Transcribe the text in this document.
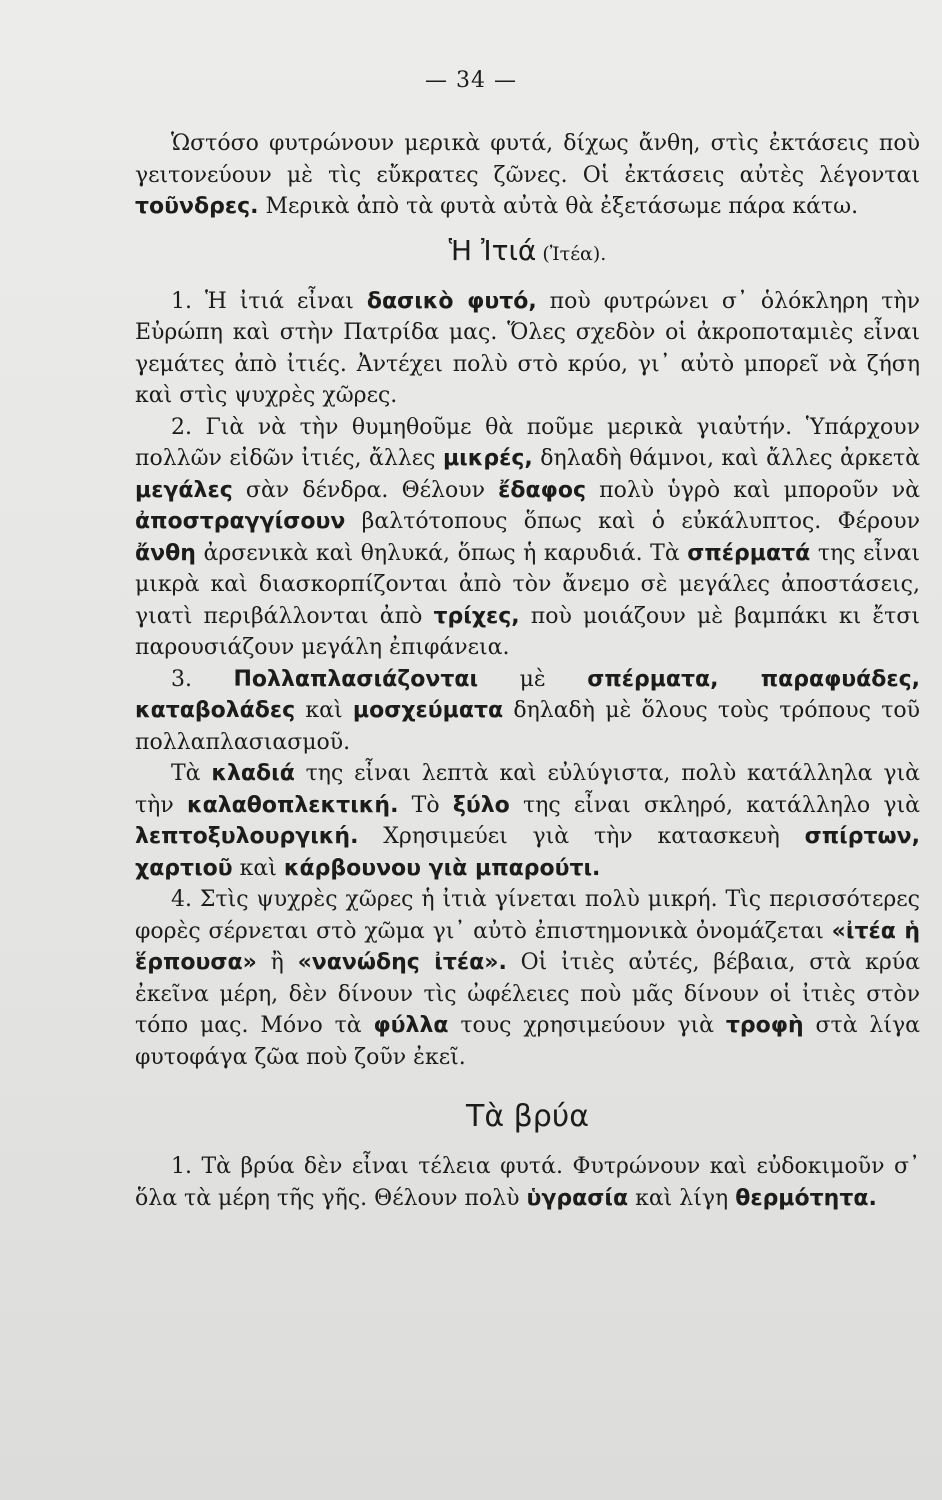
— 34 —

Ὡστόσο φυτρώνουν μερικὰ φυτά, δίχως ἄνθη, στὶς ἐκτάσεις ποὺ γειτονεύουν μὲ τὶς εὔκρατες ζῶνες. Οἱ ἐκτάσεις αὐτὲς λέγονται τοῦνδρες. Μερικὰ ἀπὸ τὰ φυτὰ αὐτὰ θὰ ἐξετάσωμε πάρα κάτω.

Ἡ Ἰτιά (Ἰτέα).

1. Ἡ ἰτιά εἶναι δασικὸ φυτό, ποὺ φυτρώνει σ᾽ ὁλόκληρη τὴν Εὐρώπη καὶ στὴν Πατρίδα μας. Ὅλες σχεδὸν οἱ ἀκροποταμιὲς εἶναι γεμάτες ἀπὸ ἰτιές. Ἀντέχει πολὺ στὸ κρύο, γι᾽ αὐτὸ μπορεῖ νὰ ζήση καὶ στὶς ψυχρὲς χῶρες.

2. Γιὰ νὰ τὴν θυμηθοῦμε θὰ ποῦμε μερικὰ γιαὐτήν. Ὑπάρχουν πολλῶν εἰδῶν ἰτιές, ἄλλες μικρές, δηλαδὴ θάμνοι, καὶ ἄλλες ἀρκετὰ μεγάλες σὰν δένδρα. Θέλουν ἔδαφος πολὺ ὑγρὸ καὶ μποροῦν νὰ ἀποστραγγίσουν βαλτότοπους ὅπως καὶ ὁ εὐκάλυπτος. Φέρουν ἄνθη ἀρσενικὰ καὶ θηλυκά, ὅπως ἡ καρυδιά. Τὰ σπέρματά της εἶναι μικρὰ καὶ διασκορπίζονται ἀπὸ τὸν ἄνεμο σὲ μεγάλες ἀποστάσεις, γιατὶ περιβάλλονται ἀπὸ τρίχες, ποὺ μοιάζουν μὲ βαμπάκι κι ἔτσι παρουσιάζουν μεγάλη ἐπιφάνεια.

3. Πολλαπλασιάζονται μὲ σπέρματα, παραφυάδες, καταβολάδες καὶ μοσχεύματα δηλαδὴ μὲ ὅλους τοὺς τρόπους τοῦ πολλαπλασιασμοῦ.

Τὰ κλαδιά της εἶναι λεπτὰ καὶ εὐλύγιστα, πολὺ κατάλληλα γιὰ τὴν καλαθοπλεκτική. Τὸ ξύλο της εἶναι σκληρό, κατάλληλο γιὰ λεπτοξυλουργική. Χρησιμεύει γιὰ τὴν κατασκευὴ σπίρτων, χαρτιοῦ καὶ κάρβουνου γιὰ μπαρούτι.

4. Στὶς ψυχρὲς χῶρες ἡ ἰτιὰ γίνεται πολὺ μικρή. Τὶς περισσότερες φορὲς σέρνεται στὸ χῶμα γι᾽ αὐτὸ ἐπιστημονικὰ ὀνομάζεται «ἰτέα ἡ ἕρπουσα» ἢ «νανώδης ἰτέα». Οἱ ἰτιὲς αὐτές, βέβαια, στὰ κρύα ἐκεῖνα μέρη, δὲν δίνουν τὶς ὠφέλειες ποὺ μᾶς δίνουν οἱ ἰτιὲς στὸν τόπο μας. Μόνο τὰ φύλλα τους χρησιμεύουν γιὰ τροφὴ στὰ λίγα φυτοφάγα ζῶα ποὺ ζοῦν ἐκεῖ.

Τὰ βρύα

1. Τὰ βρύα δὲν εἶναι τέλεια φυτά. Φυτρώνουν καὶ εὐδοκιμοῦν σ᾽ ὅλα τὰ μέρη τῆς γῆς. Θέλουν πολὺ ὑγρασία καὶ λίγη θερμότητα.
